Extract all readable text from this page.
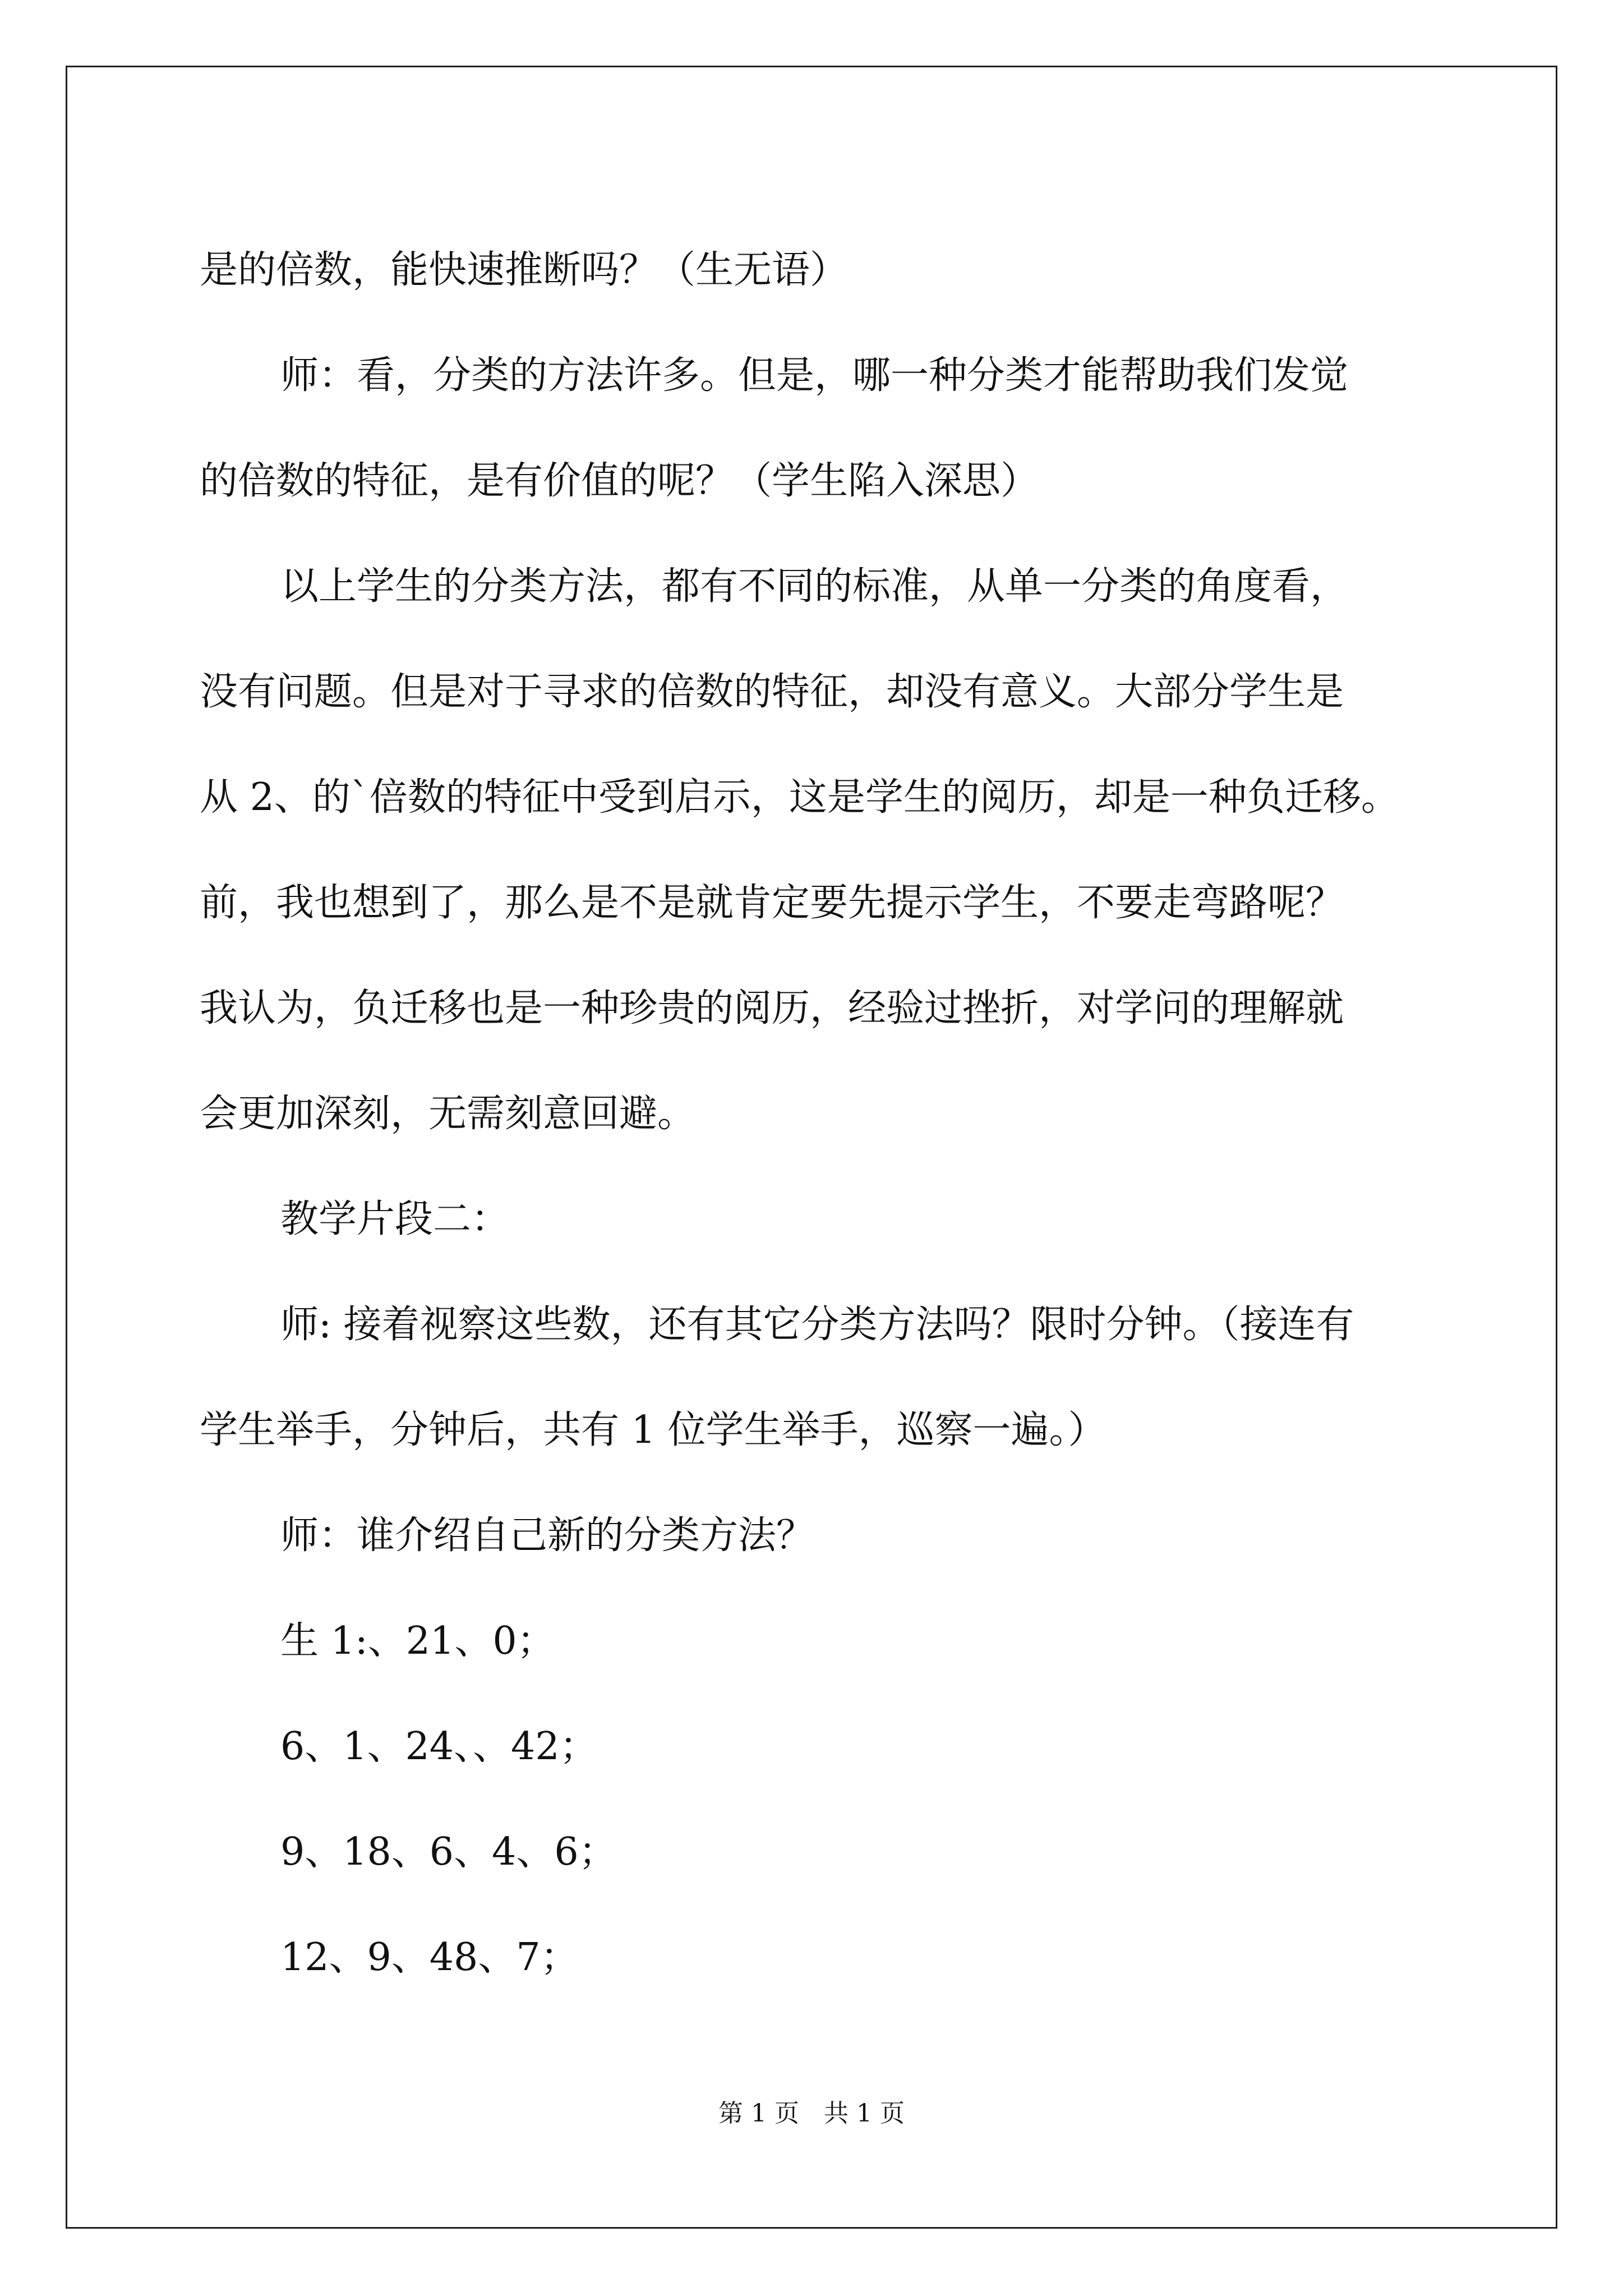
是的倍数，能快速推断吗？（生无语）

师：看，分类的方法许多。但是，哪一种分类才能帮助我们发觉

的倍数的特征，是有价值的呢？（学生陷入深思）

以上学生的分类方法，都有不同的标准，从单一分类的角度看，

没有问题。但是对于寻求的倍数的特征，却没有意义。大部分学生是

从 2、的`倍数的特征中受到启示，这是学生的阅历，却是一种负迁移。

前，我也想到了，那么是不是就肯定要先提示学生，不要走弯路呢？

我认为，负迁移也是一种珍贵的阅历，经验过挫折，对学问的理解就

会更加深刻，无需刻意回避。

教学片段二：

师: 接着视察这些数，还有其它分类方法吗？限时分钟。（接连有

学生举手，分钟后，共有 1 位学生举手，巡察一遍。）

师：谁介绍自己新的分类方法？

生 1:、21、0；

6、1、24、、42；

9、18、6、4、6；

12、9、48、7；

第 1 页　共 1 页
